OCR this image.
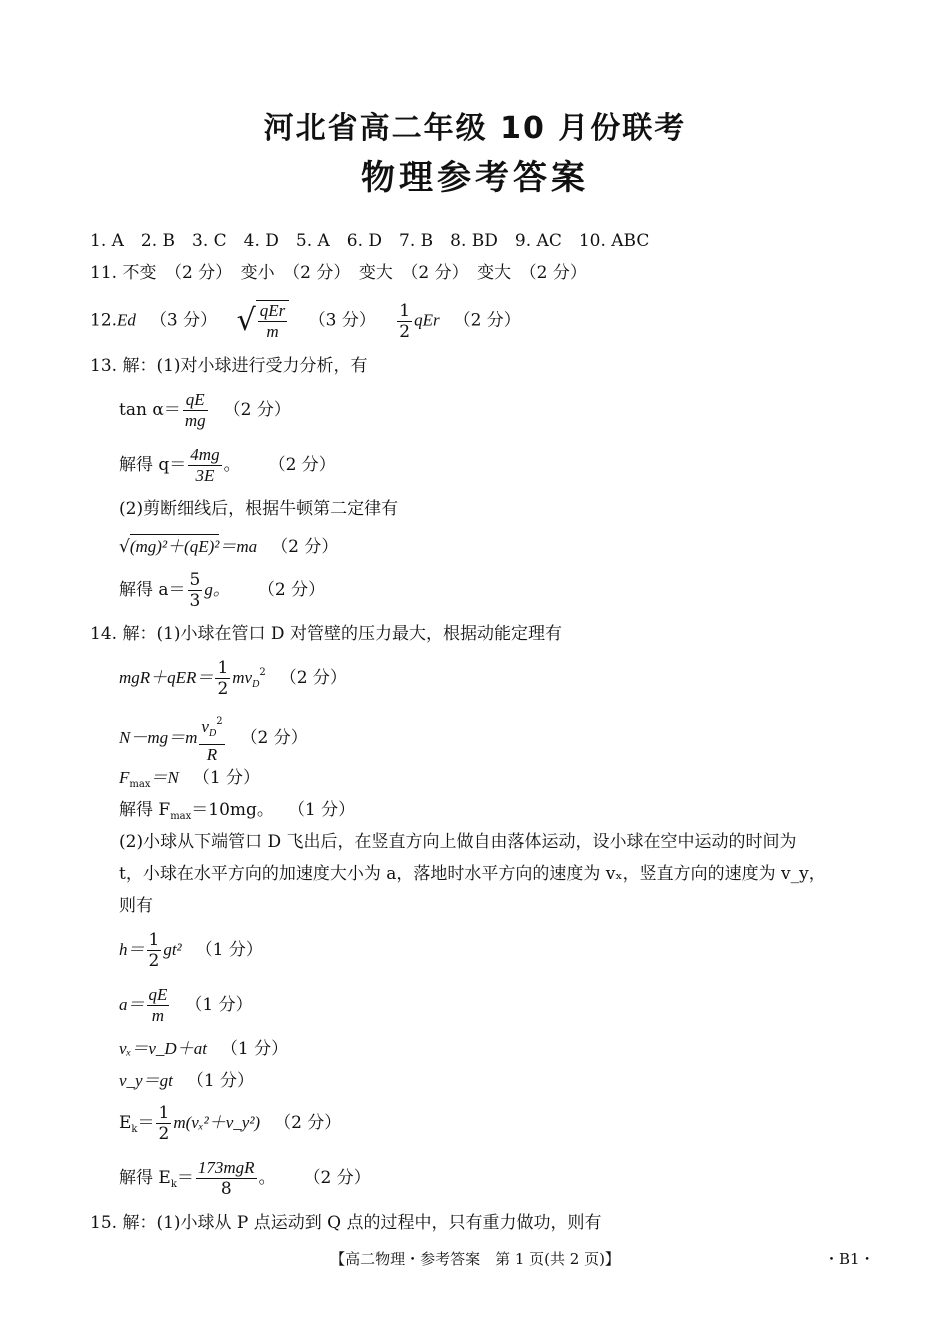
河北省高二年级 10 月份联考
物理参考答案
1. A　2. B　3. C　4. D　5. A　6. D　7. B　8. BD　9. AC　10. ABC
11. 不变　（2 分）　变小　（2 分）　变大　（2 分）　变大　（2 分）
12.Ed （3 分） √ $\frac{\text{qEr}}{m} (3$ 分） $\frac{1}{2}$ qEr （2 分）
13. 解：(1)对小球进行受力分析，有
$\tan \alpha= \frac{qE}{mg} (2$ 分）
解得 $q= \frac{4mg}{3E}$ 。 （2 分）
(2)剪断细线后，根据牛顿第二定律有
√(mg)²＋(qE)²＝ma （2 分）
解得 $a= \frac{5}{3}$ g。 （2 分）
14. 解：(1)小球在管口 D 对管壁的压力最大，根据动能定理有
$mgR+qER= \frac{1}{2} mv_D^2$ （2 分）
$N-mg=m \frac{v_D^2}{R} (2$ 分）
$F_{max}=N$ （1 分）
解得 $F_{max}=10mg$。 （1 分）
(2)小球从下端管口 D 飞出后，在竖直方向上做自由落体运动，设小球在空中运动的时间为
t，小球在水平方向的加速度大小为 a，落地时水平方向的速度为 vₓ，竖直方向的速度为 v_y，
则有
$h= \frac{1}{2} gt^2$ （1 分）
$a= \frac{qE}{m} (1$ 分）
vₓ＝v_D＋at （1 分）
v_y＝gt （1 分）
$E_k= \frac{1}{2}$ m(vₓ²＋v_y²) （2 分）
解得 $E_k= \frac{\text{173mgR}}{8}$ 。 （2 分）
15. 解：(1)小球从 P 点运动到 Q 点的过程中，只有重力做功，则有
【高二物理・参考答案　第 1 页(共 2 页)】	・B1・
